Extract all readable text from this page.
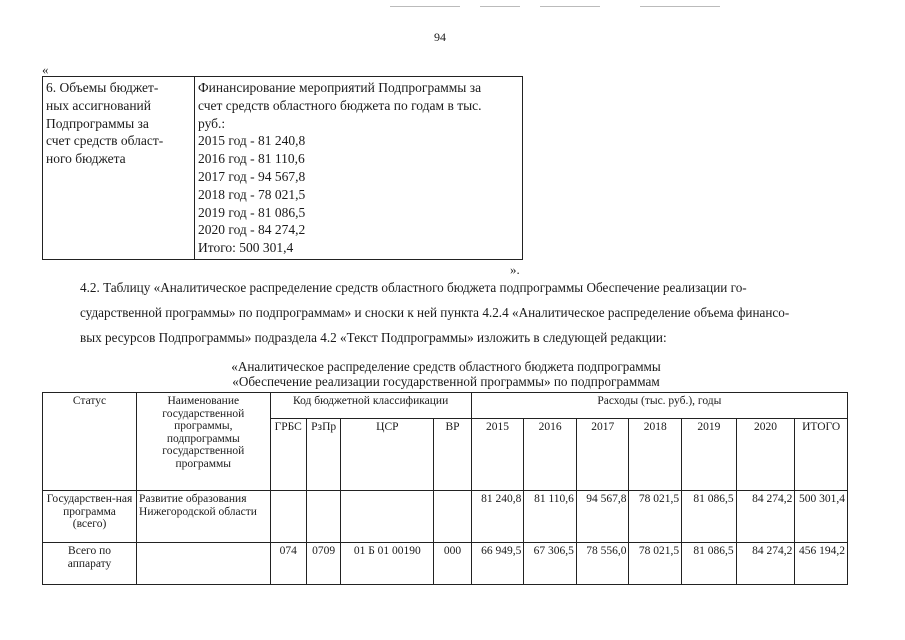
94
«
6. Объемы бюджет-
ных ассигнований
Подпрограммы за
счет средств област-
ного бюджета

Финансирование мероприятий Подпрограммы за
счет средств областного бюджета по годам в тыс.
руб.:
2015 год - 81 240,8
2016 год - 81 110,6
2017 год - 94 567,8
2018 год - 78 021,5
2019 год - 81 086,5
2020 год - 84 274,2
Итого: 500 301,4
».
4.2. Таблицу «Аналитическое распределение средств областного бюджета подпрограммы Обеспечение реализации го-
сударственной программы» по подпрограммам» и сноски к ней пункта 4.2.4 «Аналитическое распределение объема финансо-
вых ресурсов Подпрограммы» подраздела 4.2 «Текст Подпрограммы» изложить в следующей редакции:
«Аналитическое распределение средств областного бюджета подпрограммы
«Обеспечение реализации государственной программы» по подпрограммам
Статус	Наименование государственной программы, подпрограммы государственной программы	Код бюджетной классификации				Расходы (тыс. руб.), годы						
		ГРБС	РзПр	ЦСР	ВР	2015	2016	2017	2018	2019	2020	ИТОГО
Государствен-ная программа (всего)	Развитие образования Нижегородской области					81 240,8	81 110,6	94 567,8	78 021,5	81 086,5	84 274,2	500 301,4
Всего по аппарату		074	0709	01 Б 01 00190	000	66 949,5	67 306,5	78 556,0	78 021,5	81 086,5	84 274,2	456 194,2
